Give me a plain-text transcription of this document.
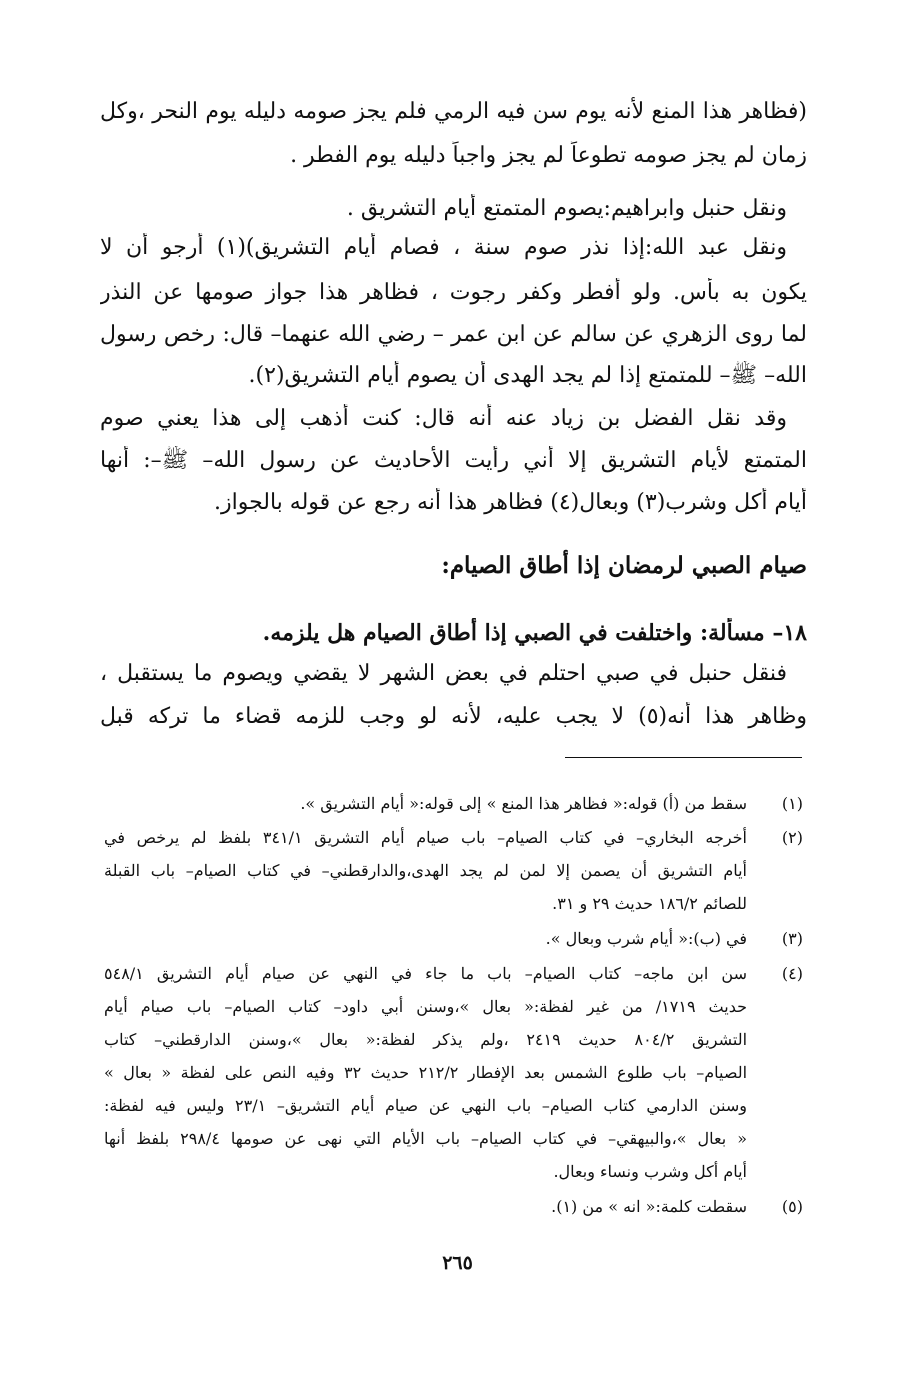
(فظاهر هذا المنع لأنه يوم سن فيه الرمي فلم يجز صومه دليله يوم النحر ،وكل
زمان لم يجز صومه تطوعاً لم يجز واجباً دليله يوم الفطر .
ونقل حنبل وابراهيم:يصوم المتمتع أيام التشريق .
ونقل عبد الله:إذا نذر صوم سنة ، فصام أيام التشريق)(١) أرجو أن لا
يكون به بأس. ولو أفطر وكفر رجوت ، فظاهر هذا جواز صومها عن النذر
لما روى الزهري عن سالم عن ابن عمر – رضي الله عنهما– قال: رخص رسول
الله– ﷺ– للمتمتع إذا لم يجد الهدى أن يصوم أيام التشريق(٢).
وقد نقل الفضل بن زياد عنه أنه قال: كنت أذهب إلى هذا يعني صوم
المتمتع لأيام التشريق إلا أني رأيت الأحاديث عن رسول الله– ﷺ–: أنها
أيام أكل وشرب(٣) وبعال(٤) فظاهر هذا أنه رجع عن قوله بالجواز.
صيام الصبي لرمضان إذا أطاق الصيام:
١٨– مسألة: واختلفت في الصبي إذا أطاق الصيام هل يلزمه.
فنقل حنبل في صبي احتلم في بعض الشهر لا يقضي ويصوم ما يستقبل ،
وظاهر هذا أنه(٥) لا يجب عليه، لأنه لو وجب للزمه قضاء ما تركه قبل
(١)
سقط من (أ) قوله:« فظاهر هذا المنع » إلى قوله:« أيام التشريق ».
(٢)
أخرجه البخاري– في كتاب الصيام– باب صيام أيام التشريق ٣٤١/١ بلفظ لم يرخص في
أيام التشريق أن يصمن إلا لمن لم يجد الهدى،والدارقطني– في كتاب الصيام– باب القبلة
للصائم ١٨٦/٢ حديث ٢٩ و ٣١.
(٣)
في (ب):« أيام شرب وبعال ».
(٤)
سن ابن ماجه– كتاب الصيام– باب ما جاء في النهي عن صيام أيام التشريق ٥٤٨/١
حديث ١٧١٩/ من غير لفظة:« بعال »،وسنن أبي داود– كتاب الصيام– باب صيام أيام
التشريق ٨٠٤/٢ حديث ٢٤١٩ ،ولم يذكر لفظة:« بعال »،وسنن الدارقطني– كتاب
الصيام– باب طلوع الشمس بعد الإفطار ٢١٢/٢ حديث ٣٢ وفيه النص على لفظة « بعال »
وسنن الدارمي كتاب الصيام– باب النهي عن صيام أيام التشريق– ٢٣/١ وليس فيه لفظة:
« بعال »،والبيهقي– في كتاب الصيام– باب الأيام التي نهى عن صومها ٢٩٨/٤ بلفظ أنها
أيام أكل وشرب ونساء وبعال.
(٥)
سقطت كلمة:« انه » من (١).
٢٦٥
